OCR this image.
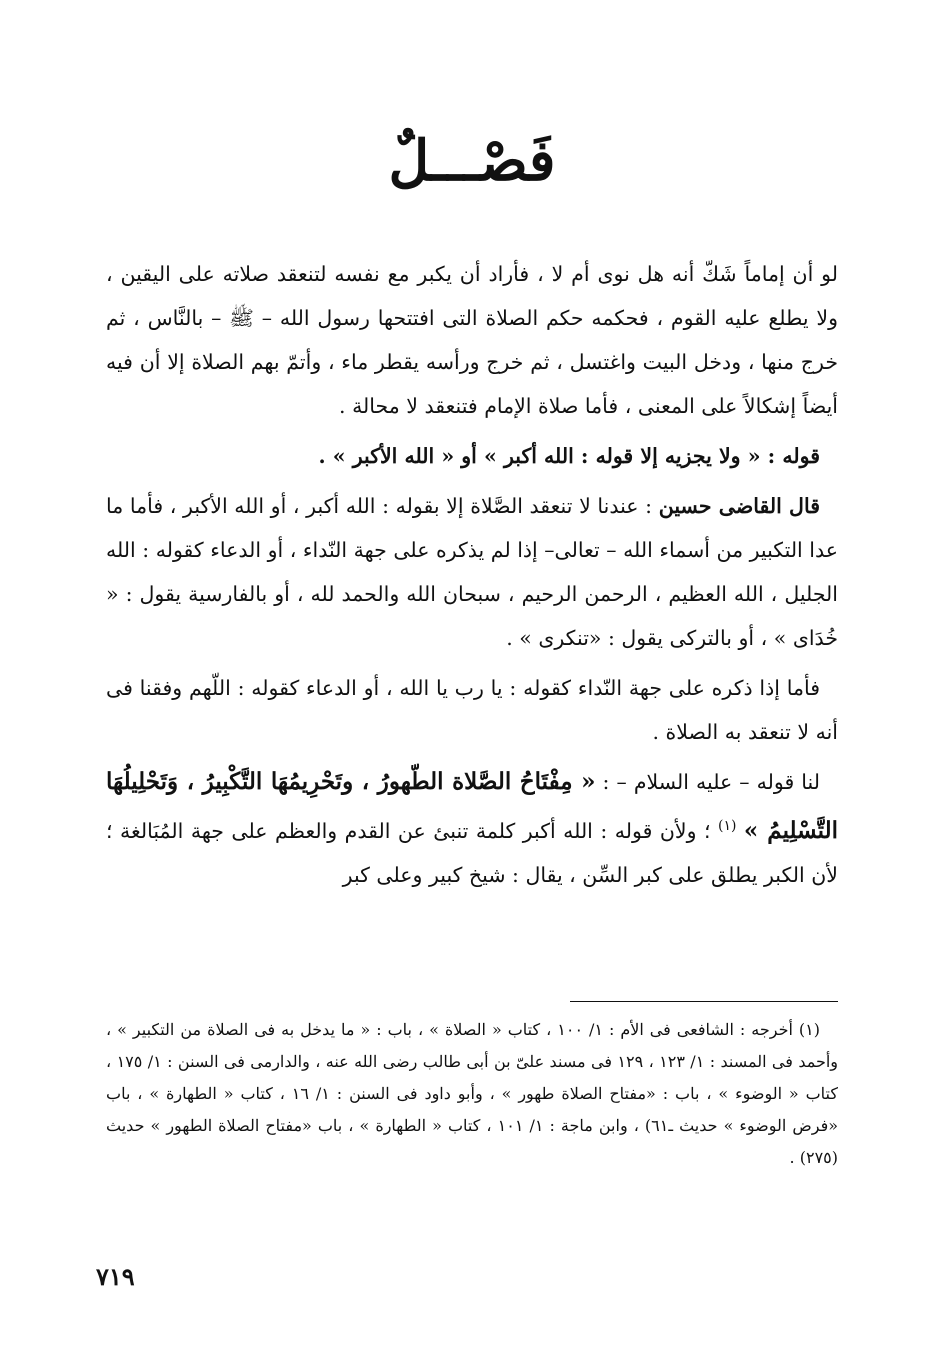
فَصْـــلٌ

لو أن إماماً شَكّ أنه هل نوى أم لا ، فأراد أن يكبر مع نفسه لتنعقد صلاته على اليقين ، ولا يطلع عليه القوم ، فحكمه حكم الصلاة التى افتتحها رسول الله – ﷺ – بالنَّاس ، ثم خرج منها ، ودخل البيت واغتسل ، ثم خرج ورأسه يقطر ماء ، وأتمّ بهم الصلاة إلا أن فيه أيضاً إشكالاً على المعنى ، فأما صلاة الإمام فتنعقد لا محالة .

قوله : « ولا يجزيه إلا قوله : الله أكبر » أو « الله الأكبر » .

قال القاضى حسين : عندنا لا تنعقد الصَّلاة إلا بقوله : الله أكبر ، أو الله الأكبر ، فأما ما عدا التكبير من أسماء الله – تعالى– إذا لم يذكره على جهة النّداء ، أو الدعاء كقوله : الله الجليل ، الله العظيم ، الرحمن الرحيم ، سبحان الله والحمد لله ، أو بالفارسية يقول : « خُدَاى » ، أو بالتركى يقول : «تنكرى » .

فأما إذا ذكره على جهة النّداء كقوله : يا رب يا الله ، أو الدعاء كقوله : اللّهم وفقنا فى أنه لا تنعقد به الصلاة .

لنا قوله – عليه السلام – : « مِفْتَاحُ الصَّلاة الطّهورُ ، وتَحْرِيمُهَا التَّكْبِيرُ ، وَتَحْلِيلُهَا التَّسْلِيمُ » $^{(١)}$ ؛ ولأن قوله : الله أكبر كلمة تنبئ عن القدم والعظم على جهة المُبَالغة ؛ لأن الكبر يطلق على كبر السِّن ، يقال : شيخ كبير وعلى كبر

(١) أخرجه : الشافعى فى الأم : ١/ ١٠٠ ، كتاب « الصلاة » ، باب : « ما يدخل به فى الصلاة من التكبير » ، وأحمد فى المسند : ١/ ١٢٣ ، ١٢٩ فى مسند علىّ بن أبى طالب رضى الله عنه ، والدارمى فى السنن : ١/ ١٧٥ ، كتاب « الوضوء » ، باب : «مفتاح الصلاة طهور » ، وأبو داود فى السنن : ١/ ١٦ ، كتاب « الطهارة » ، باب «فرض الوضوء » حديث ـ٦١) ، وابن ماجة : ١/ ١٠١ ، كتاب « الطهارة » ، باب «مفتاح الصلاة الطهور » حديث (٢٧٥) .

٧١٩
